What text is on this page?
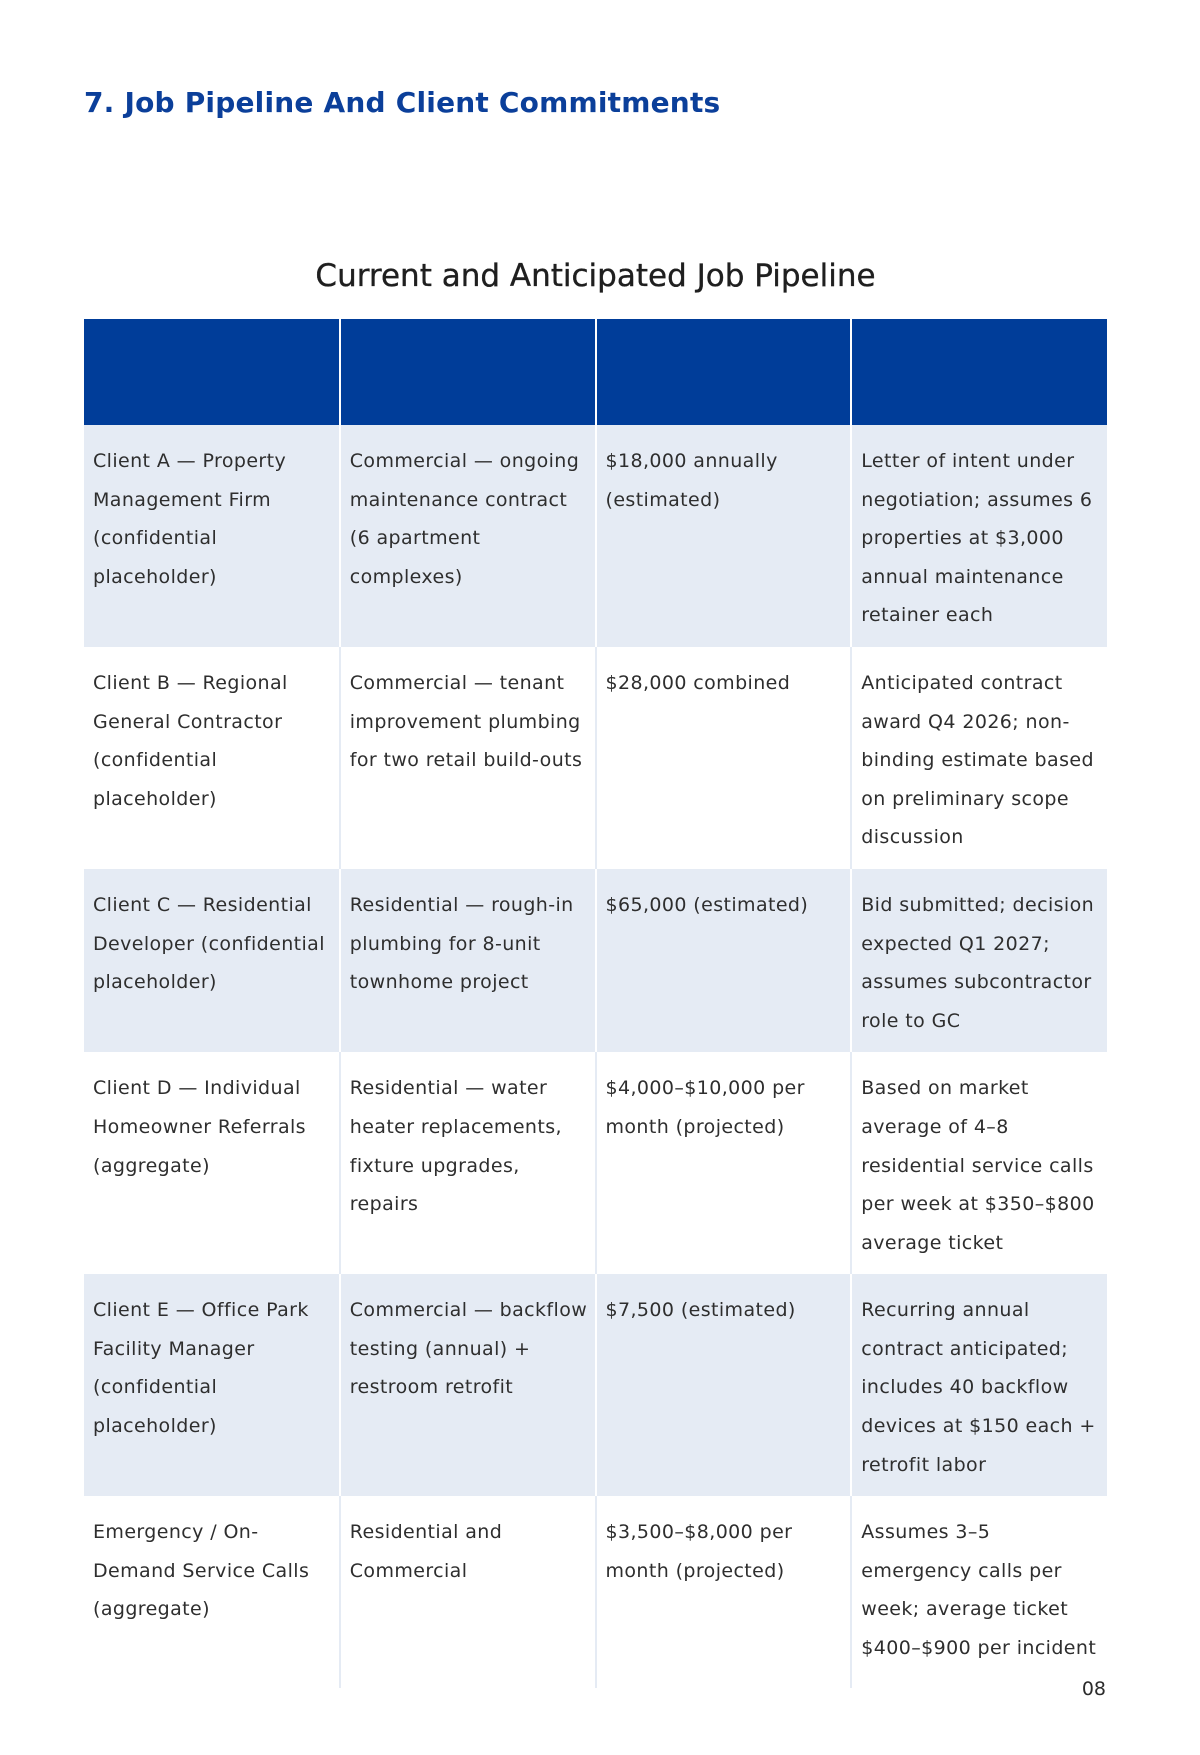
7. Job Pipeline And Client Commitments
Current and Anticipated Job Pipeline

Client A — Property Management Firm (confidential placeholder)	Commercial — ongoing maintenance contract (6 apartment complexes)	$18,000 annually (estimated)	Letter of intent under negotiation; assumes 6 properties at $3,000 annual maintenance retainer each
Client B — Regional General Contractor (confidential placeholder)	Commercial — tenant improvement plumbing for two retail build-outs	$28,000 combined	Anticipated contract award Q4 2026; non-binding estimate based on preliminary scope discussion
Client C — Residential Developer (confidential placeholder)	Residential — rough-in plumbing for 8-unit townhome project	$65,000 (estimated)	Bid submitted; decision expected Q1 2027; assumes subcontractor role to GC
Client D — Individual Homeowner Referrals (aggregate)	Residential — water heater replacements, fixture upgrades, repairs	$4,000–$10,000 per month (projected)	Based on market average of 4–8 residential service calls per week at $350–$800 average ticket
Client E — Office Park Facility Manager (confidential placeholder)	Commercial — backflow testing (annual) + restroom retrofit	$7,500 (estimated)	Recurring annual contract anticipated; includes 40 backflow devices at $150 each + retrofit labor
Emergency / On-Demand Service Calls (aggregate)	Residential and Commercial	$3,500–$8,000 per month (projected)	Assumes 3–5 emergency calls per week; average ticket $400–$900 per incident
08
